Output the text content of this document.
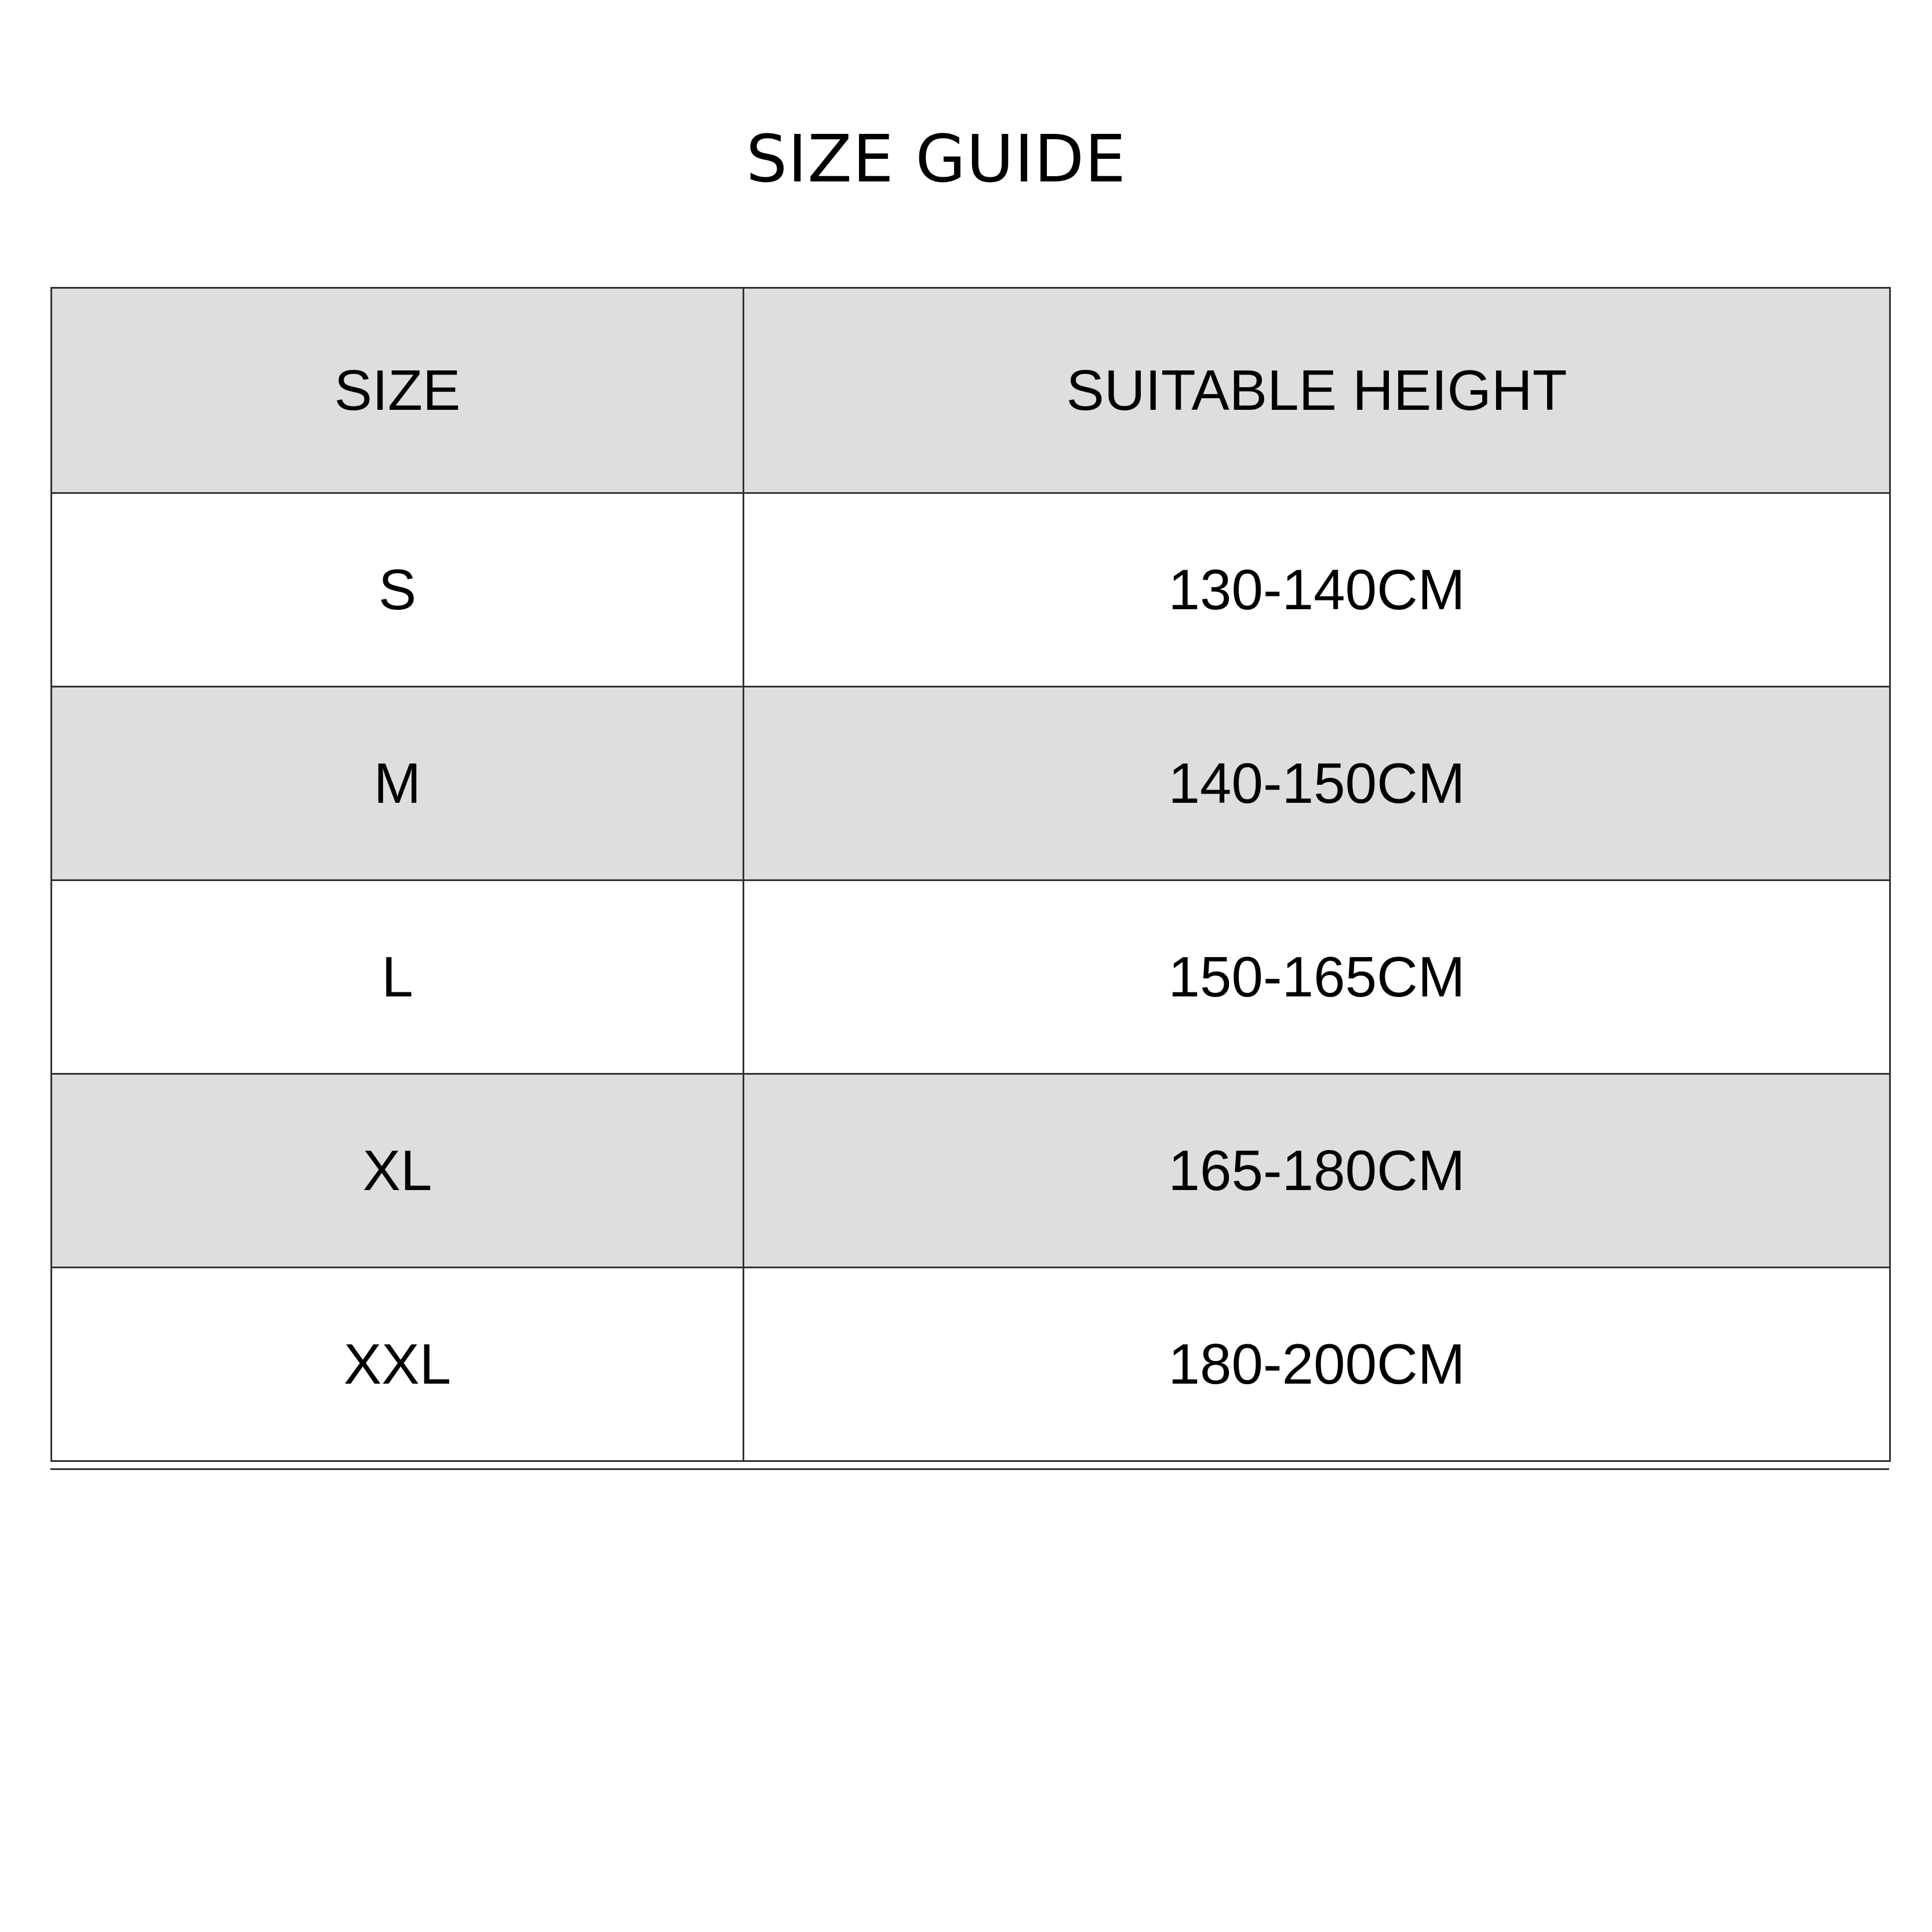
SIZE GUIDE
SIZE	SUITABLE HEIGHT
S	130-140CM
M	140-150CM
L	150-165CM
XL	165-180CM
XXL	180-200CM
